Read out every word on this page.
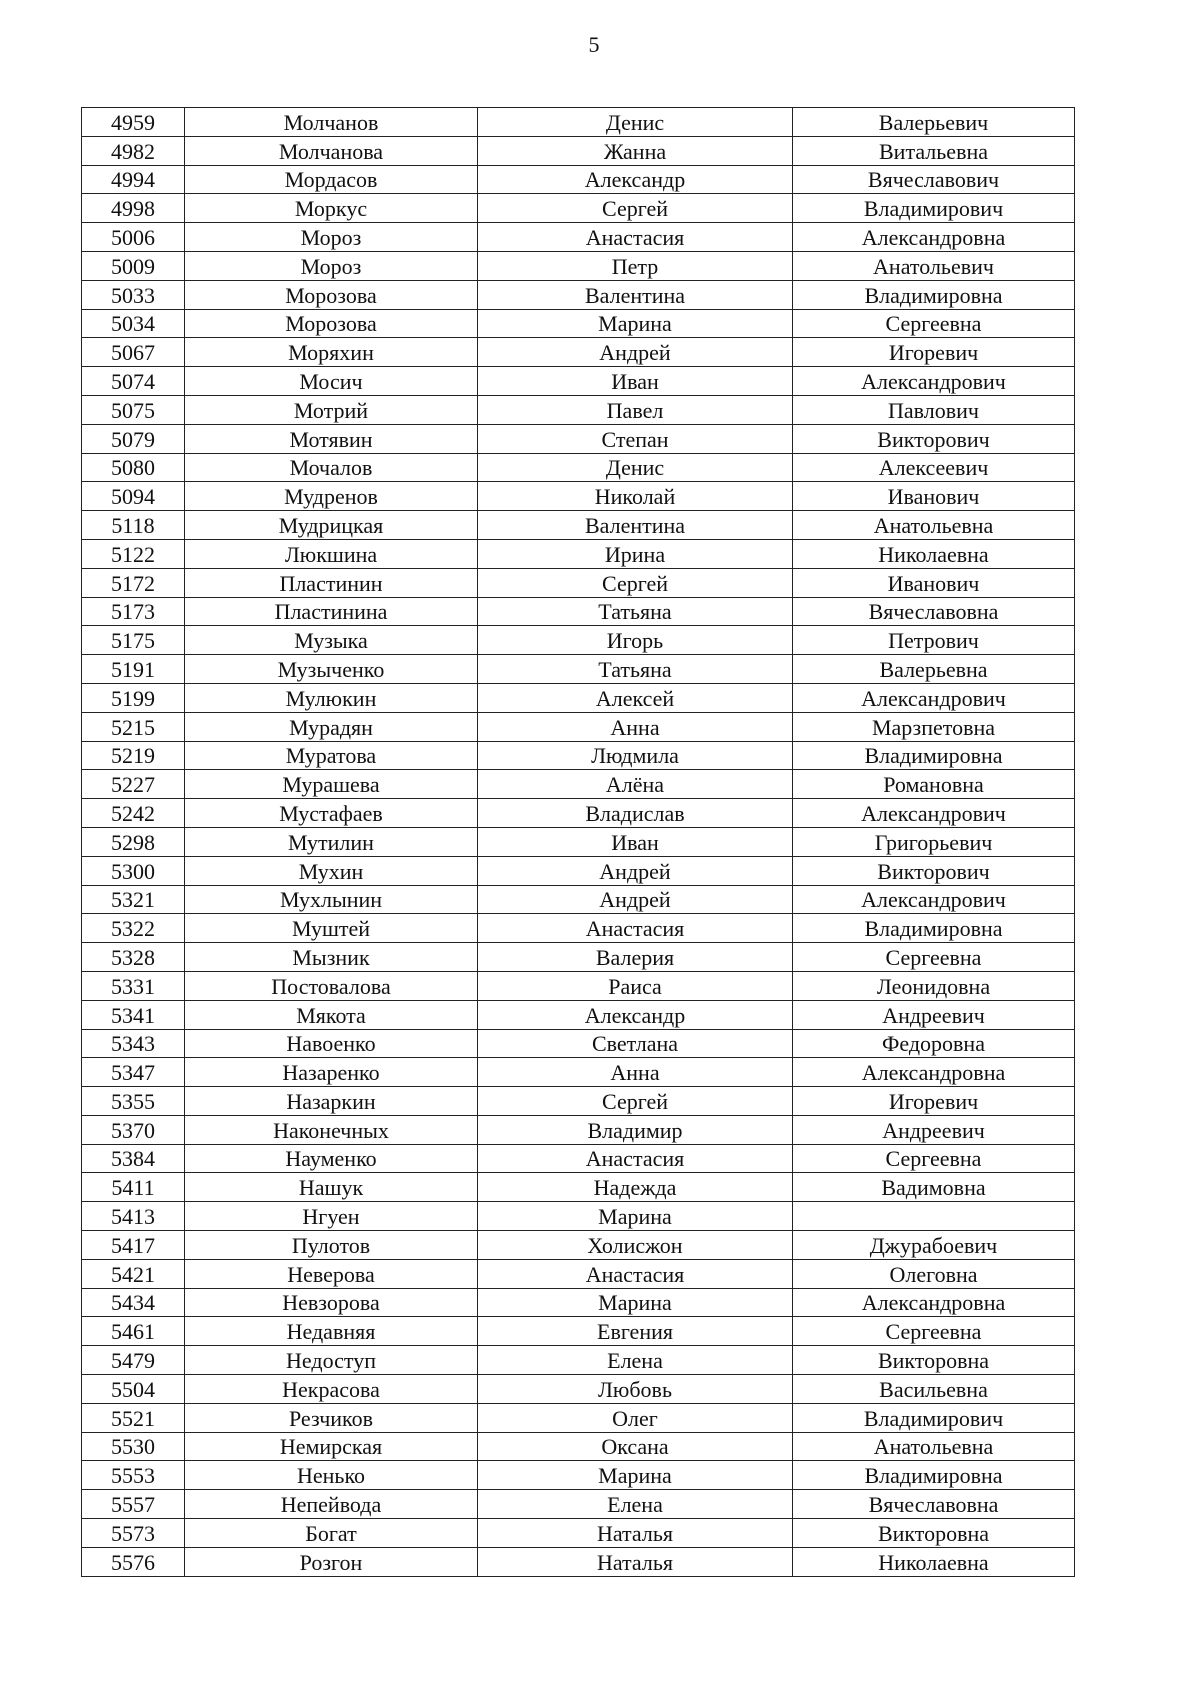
5
4959	Молчанов	Денис	Валерьевич
4982	Молчанова	Жанна	Витальевна
4994	Мордасов	Александр	Вячеславович
4998	Моркус	Сергей	Владимирович
5006	Мороз	Анастасия	Александровна
5009	Мороз	Петр	Анатольевич
5033	Морозова	Валентина	Владимировна
5034	Морозова	Марина	Сергеевна
5067	Моряхин	Андрей	Игоревич
5074	Мосич	Иван	Александрович
5075	Мотрий	Павел	Павлович
5079	Мотявин	Степан	Викторович
5080	Мочалов	Денис	Алексеевич
5094	Мудренов	Николай	Иванович
5118	Мудрицкая	Валентина	Анатольевна
5122	Люкшина	Ирина	Николаевна
5172	Пластинин	Сергей	Иванович
5173	Пластинина	Татьяна	Вячеславовна
5175	Музыка	Игорь	Петрович
5191	Музыченко	Татьяна	Валерьевна
5199	Мулюкин	Алексей	Александрович
5215	Мурадян	Анна	Марзпетовна
5219	Муратова	Людмила	Владимировна
5227	Мурашева	Алёна	Романовна
5242	Мустафаев	Владислав	Александрович
5298	Мутилин	Иван	Григорьевич
5300	Мухин	Андрей	Викторович
5321	Мухлынин	Андрей	Александрович
5322	Муштей	Анастасия	Владимировна
5328	Мызник	Валерия	Сергеевна
5331	Постовалова	Раиса	Леонидовна
5341	Мякота	Александр	Андреевич
5343	Навоенко	Светлана	Федоровна
5347	Назаренко	Анна	Александровна
5355	Назаркин	Сергей	Игоревич
5370	Наконечных	Владимир	Андреевич
5384	Науменко	Анастасия	Сергеевна
5411	Нашук	Надежда	Вадимовна
5413	Нгуен	Марина	
5417	Пулотов	Холисжон	Джурабоевич
5421	Неверова	Анастасия	Олеговна
5434	Невзорова	Марина	Александровна
5461	Недавняя	Евгения	Сергеевна
5479	Недоступ	Елена	Викторовна
5504	Некрасова	Любовь	Васильевна
5521	Резчиков	Олег	Владимирович
5530	Немирская	Оксана	Анатольевна
5553	Ненько	Марина	Владимировна
5557	Непейвода	Елена	Вячеславовна
5573	Богат	Наталья	Викторовна
5576	Розгон	Наталья	Николаевна
